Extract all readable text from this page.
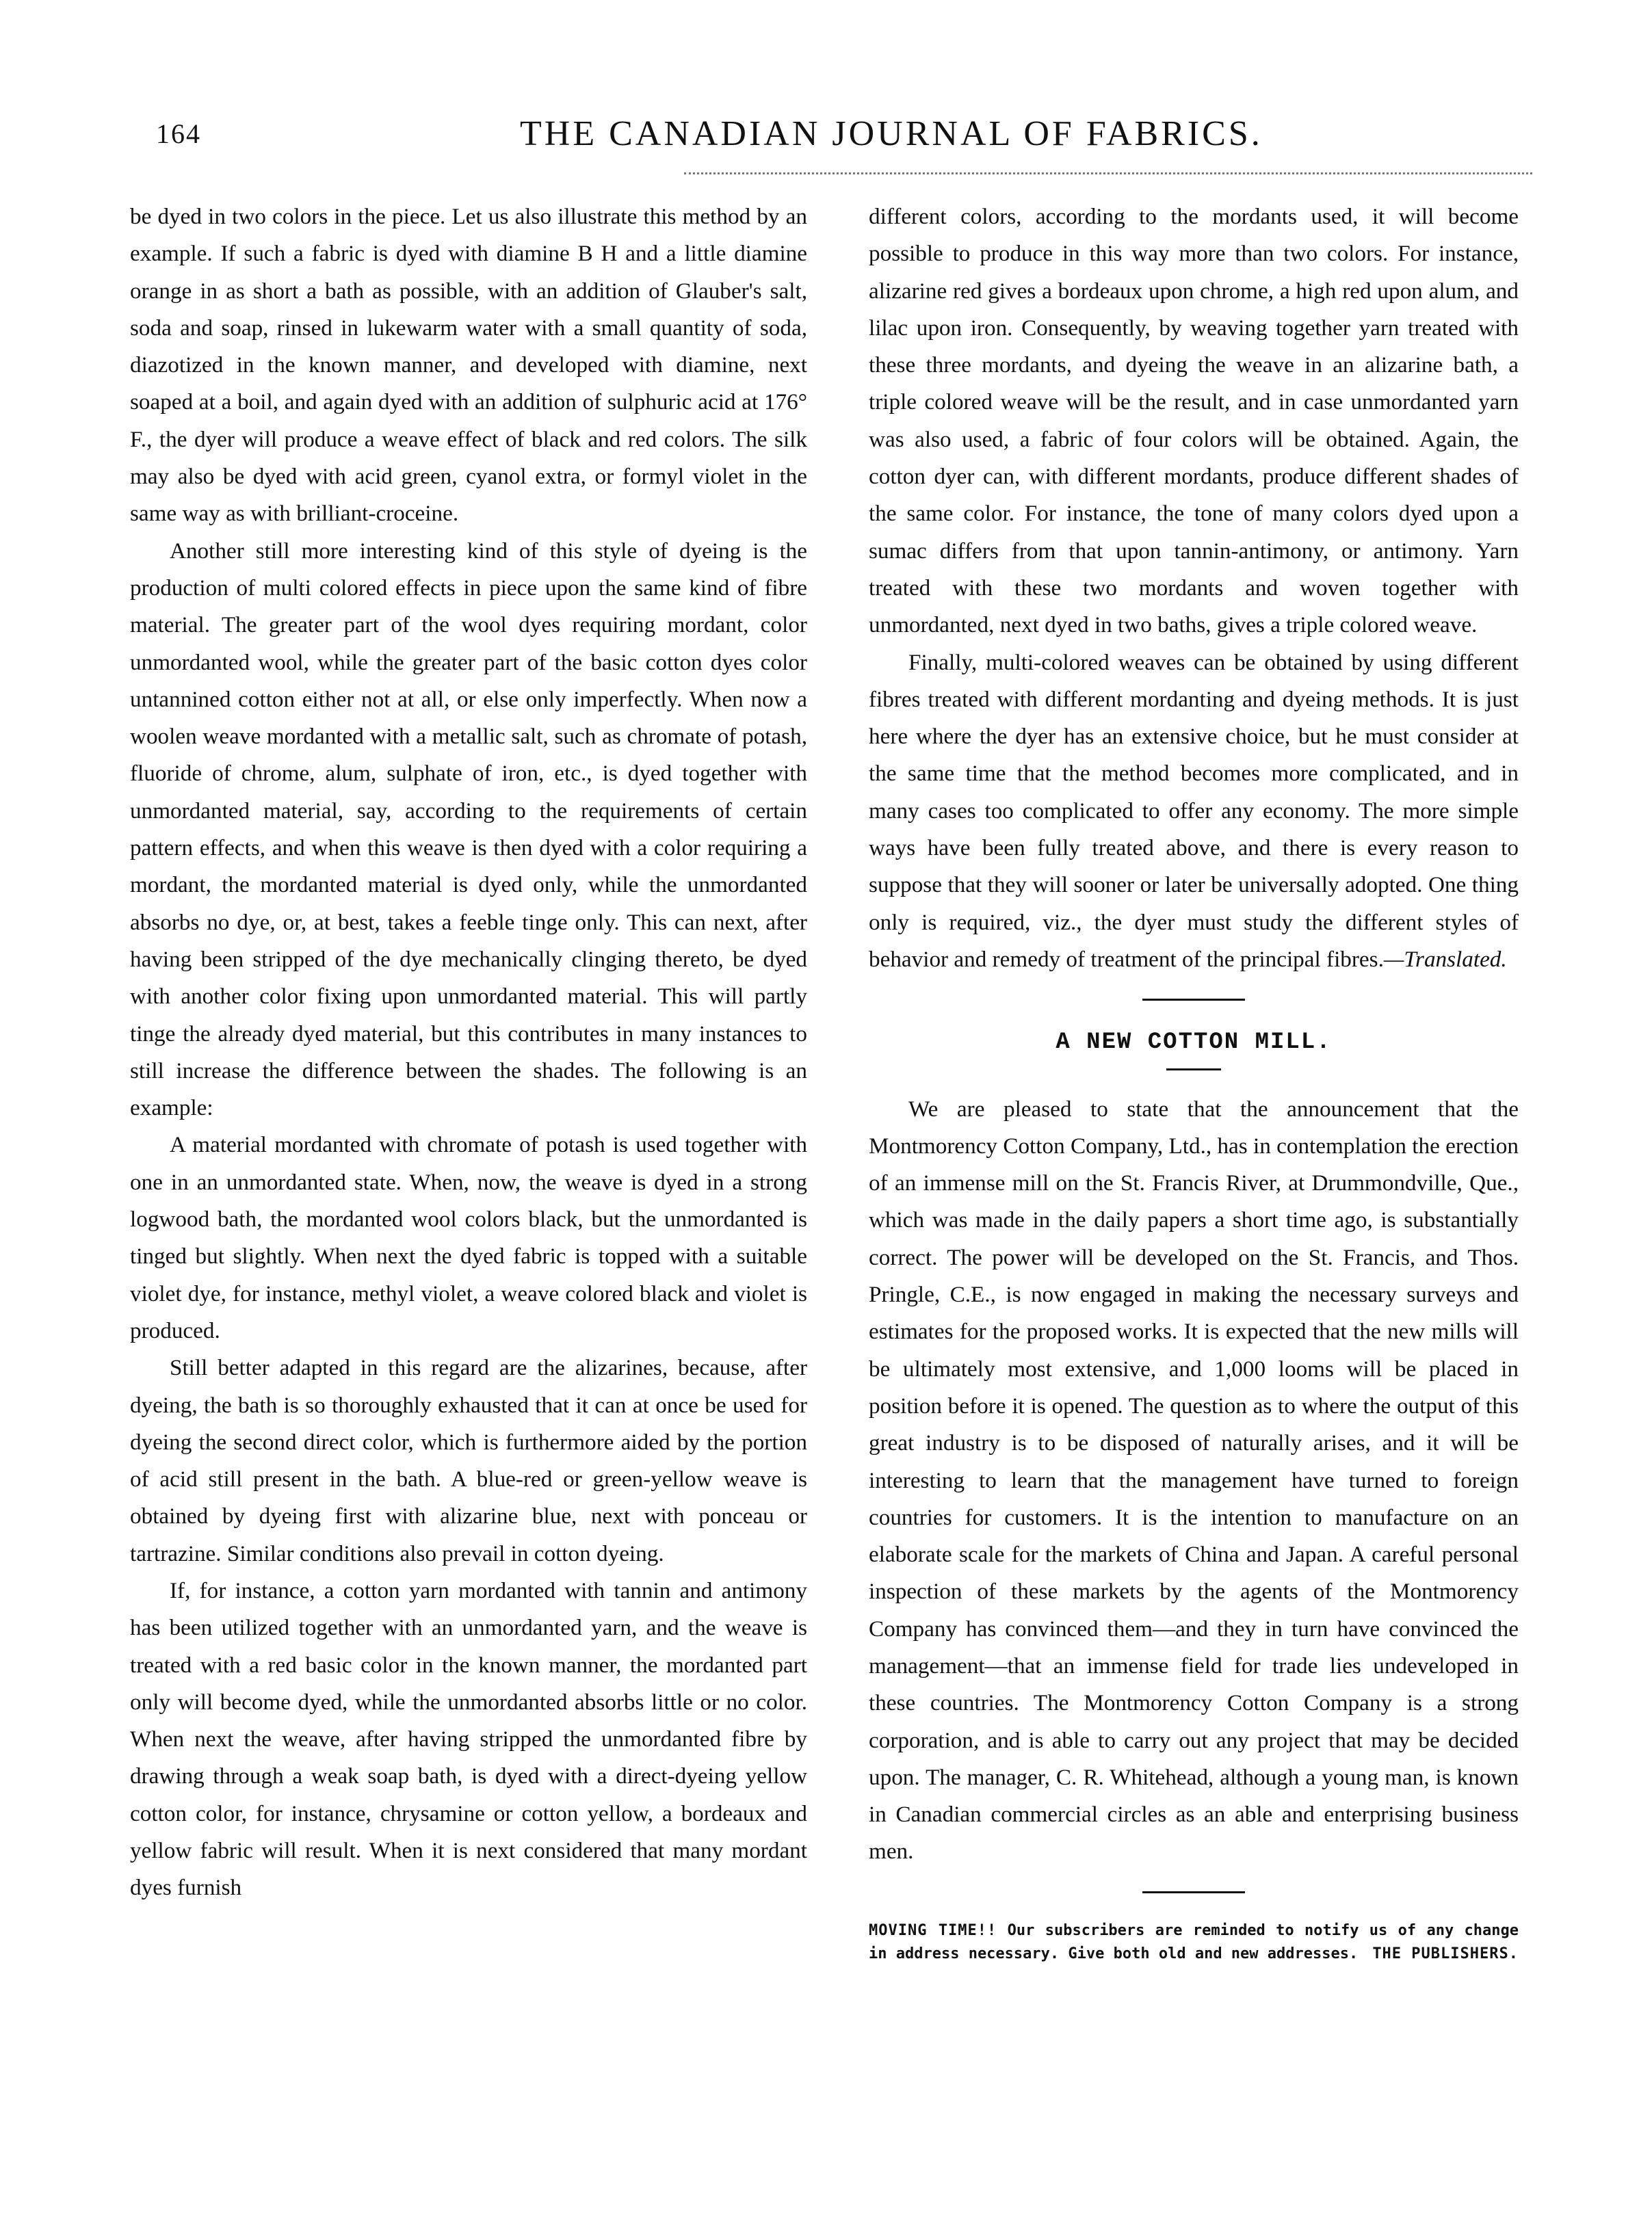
164	THE CANADIAN JOURNAL OF FABRICS.

be dyed in two colors in the piece. Let us also illustrate this method by an example. If such a fabric is dyed with diamine B H and a little diamine orange in as short a bath as possible, with an addition of Glauber's salt, soda and soap, rinsed in lukewarm water with a small quantity of soda, diazotized in the known manner, and developed with diamine, next soaped at a boil, and again dyed with an addition of sulphuric acid at 176° F., the dyer will produce a weave effect of black and red colors. The silk may also be dyed with acid green, cyanol extra, or formyl violet in the same way as with brilliant-croceine.

Another still more interesting kind of this style of dyeing is the production of multi colored effects in piece upon the same kind of fibre material. The greater part of the wool dyes requiring mordant, color unmordanted wool, while the greater part of the basic cotton dyes color untannined cotton either not at all, or else only imperfectly. When now a woolen weave mordanted with a metallic salt, such as chromate of potash, fluoride of chrome, alum, sulphate of iron, etc., is dyed together with unmordanted material, say, according to the requirements of certain pattern effects, and when this weave is then dyed with a color requiring a mordant, the mordanted material is dyed only, while the unmordanted absorbs no dye, or, at best, takes a feeble tinge only. This can next, after having been stripped of the dye mechanically clinging thereto, be dyed with another color fixing upon unmordanted material. This will partly tinge the already dyed material, but this contributes in many instances to still increase the difference between the shades. The following is an example:

A material mordanted with chromate of potash is used together with one in an unmordanted state. When, now, the weave is dyed in a strong logwood bath, the mordanted wool colors black, but the unmordanted is tinged but slightly. When next the dyed fabric is topped with a suitable violet dye, for instance, methyl violet, a weave colored black and violet is produced.

Still better adapted in this regard are the alizarines, because, after dyeing, the bath is so thoroughly exhausted that it can at once be used for dyeing the second direct color, which is furthermore aided by the portion of acid still present in the bath. A blue-red or green-yellow weave is obtained by dyeing first with alizarine blue, next with ponceau or tartrazine. Similar conditions also prevail in cotton dyeing.

If, for instance, a cotton yarn mordanted with tannin and antimony has been utilized together with an unmordanted yarn, and the weave is treated with a red basic color in the known manner, the mordanted part only will become dyed, while the unmordanted absorbs little or no color. When next the weave, after having stripped the unmordanted fibre by drawing through a weak soap bath, is dyed with a direct-dyeing yellow cotton color, for instance, chrysamine or cotton yellow, a bordeaux and yellow fabric will result. When it is next considered that many mordant dyes furnish

different colors, according to the mordants used, it will become possible to produce in this way more than two colors. For instance, alizarine red gives a bordeaux upon chrome, a high red upon alum, and lilac upon iron. Consequently, by weaving together yarn treated with these three mordants, and dyeing the weave in an alizarine bath, a triple colored weave will be the result, and in case unmordanted yarn was also used, a fabric of four colors will be obtained. Again, the cotton dyer can, with different mordants, produce different shades of the same color. For instance, the tone of many colors dyed upon a sumac differs from that upon tannin-antimony, or antimony. Yarn treated with these two mordants and woven together with unmordanted, next dyed in two baths, gives a triple colored weave.

Finally, multi-colored weaves can be obtained by using different fibres treated with different mordanting and dyeing methods. It is just here where the dyer has an extensive choice, but he must consider at the same time that the method becomes more complicated, and in many cases too complicated to offer any economy. The more simple ways have been fully treated above, and there is every reason to suppose that they will sooner or later be universally adopted. One thing only is required, viz., the dyer must study the different styles of behavior and remedy of treatment of the principal fibres.—Translated.

A NEW COTTON MILL.

We are pleased to state that the announcement that the Montmorency Cotton Company, Ltd., has in contemplation the erection of an immense mill on the St. Francis River, at Drummondville, Que., which was made in the daily papers a short time ago, is substantially correct. The power will be developed on the St. Francis, and Thos. Pringle, C.E., is now engaged in making the necessary surveys and estimates for the proposed works. It is expected that the new mills will be ultimately most extensive, and 1,000 looms will be placed in position before it is opened. The question as to where the output of this great industry is to be disposed of naturally arises, and it will be interesting to learn that the management have turned to foreign countries for customers. It is the intention to manufacture on an elaborate scale for the markets of China and Japan. A careful personal inspection of these markets by the agents of the Montmorency Company has convinced them—and they in turn have convinced the management—that an immense field for trade lies undeveloped in these countries. The Montmorency Cotton Company is a strong corporation, and is able to carry out any project that may be decided upon. The manager, C. R. Whitehead, although a young man, is known in Canadian commercial circles as an able and enterprising business men.

MOVING TIME!! Our subscribers are reminded to notify us of any change in address necessary. Give both old and new addresses. THE PUBLISHERS.
